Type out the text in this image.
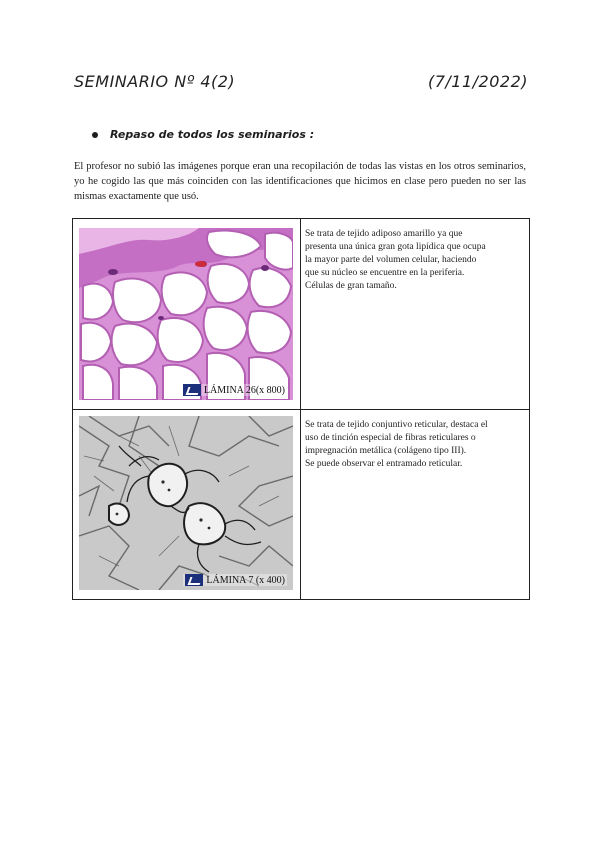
SEMINARIO Nº 4(2)	(7/11/2022)
Repaso de todos los seminarios :
El profesor no subió las imágenes porque eran una recopilación de todas las vistas en los otros seminarios, yo he cogido las que más coinciden con las identificaciones que hicimos en clase pero pueden no ser las mismas exactamente que usó.
LÁMINA 26(x 800)	Se trata de tejido adiposo amarillo ya que
presenta una única gran gota lipídica que ocupa
la mayor parte del volumen celular, haciendo
que su núcleo se encuentre en la periferia.
Células de gran tamaño.

LÁMINA 7 (x 400)	Se trata de tejido conjuntivo reticular, destaca el
uso de tinción especial de fibras reticulares o
impregnación metálica (colágeno tipo III).
Se puede observar el entramado reticular.
